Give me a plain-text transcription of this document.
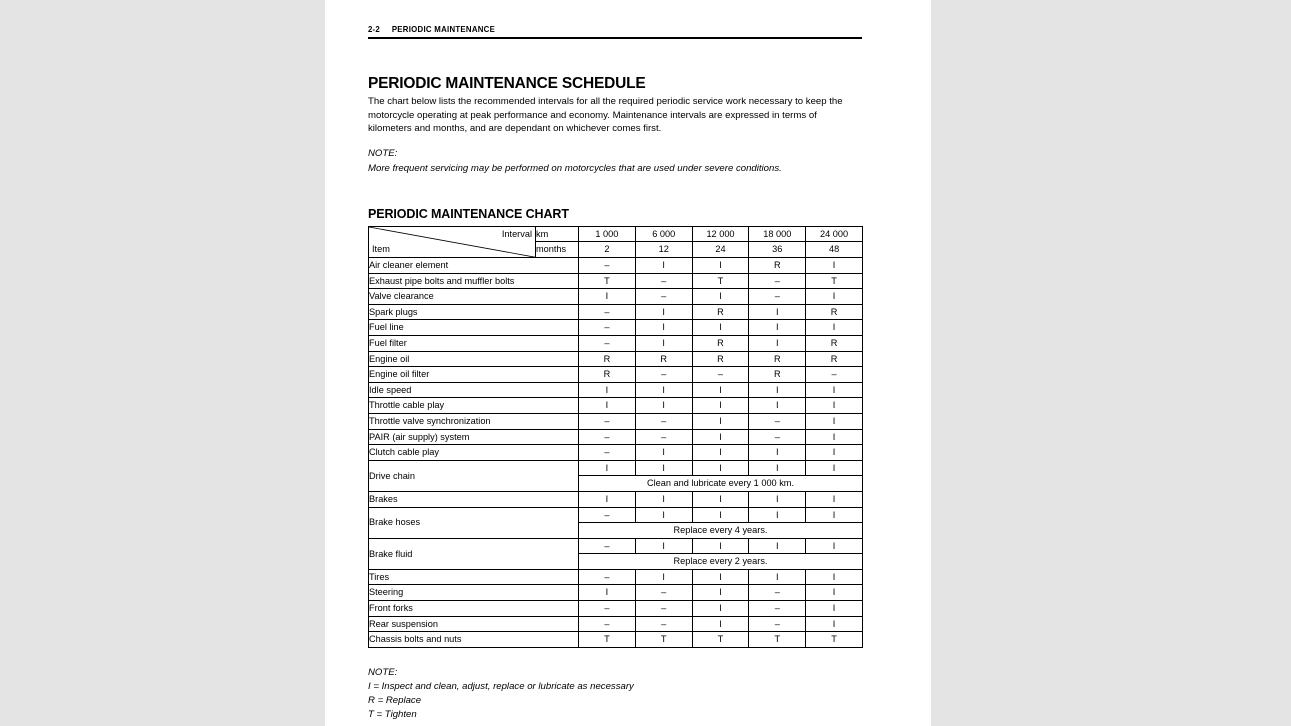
2-2 PERIODIC MAINTENANCE
PERIODIC MAINTENANCE SCHEDULE

The chart below lists the recommended intervals for all the required periodic service work necessary to keep the motorcycle operating at peak performance and economy. Maintenance intervals are expressed in terms of kilometers and months, and are dependant on whichever comes first.

NOTE:
More frequent servicing may be performed on motorcycles that are used under severe conditions.
PERIODIC MAINTENANCE CHART
Interval
Item	km	1 000	6 000	12 000	18 000	24 000
	months	2	12	24	36	48
Air cleaner element		–	I	I	R	I
Exhaust pipe bolts and muffler bolts		T	–	T	–	T
Valve clearance		I	–	I	–	I
Spark plugs		–	I	R	I	R
Fuel line		–	I	I	I	I
Fuel filter		–	I	R	I	R
Engine oil		R	R	R	R	R
Engine oil filter		R	–	–	R	–
Idle speed		I	I	I	I	I
Throttle cable play		I	I	I	I	I
Throttle valve synchronization		–	–	I	–	I
PAIR (air supply) system		–	–	I	–	I
Clutch cable play		–	I	I	I	I
Drive chain		I	I	I	I	I
		Clean and lubricate every 1 000 km.				
Brakes		I	I	I	I	I
Brake hoses		–	I	I	I	I
		Replace every 4 years.				
Brake fluid		–	I	I	I	I
		Replace every 2 years.				
Tires		–	I	I	I	I
Steering		I	–	I	–	I
Front forks		–	–	I	–	I
Rear suspension		–	–	I	–	I
Chassis bolts and nuts		T	T	T	T	T
NOTE:
I = Inspect and clean, adjust, replace or lubricate as necessary
R = Replace
T = Tighten
